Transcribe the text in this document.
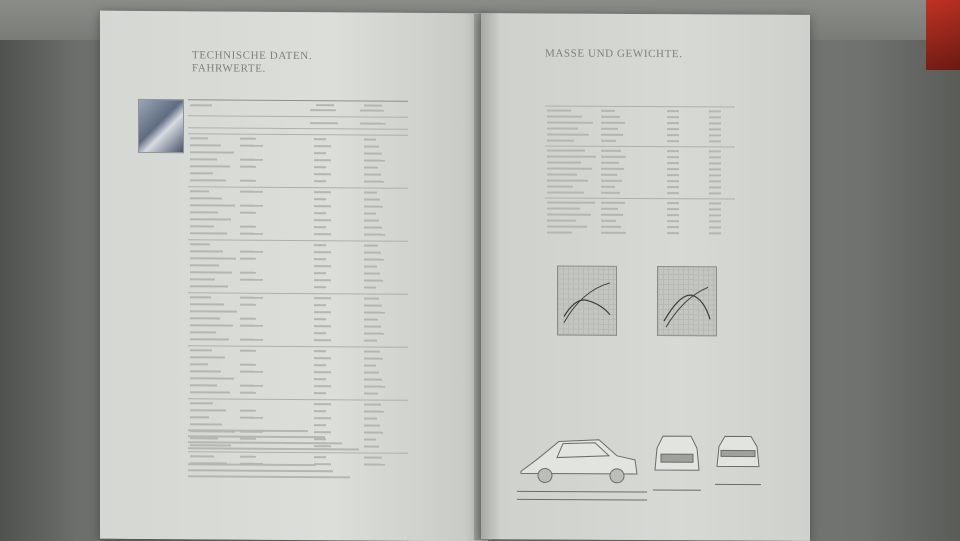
TECHNISCHE DATEN.
FAHRWERTE.
MASSE UND GEWICHTE.
